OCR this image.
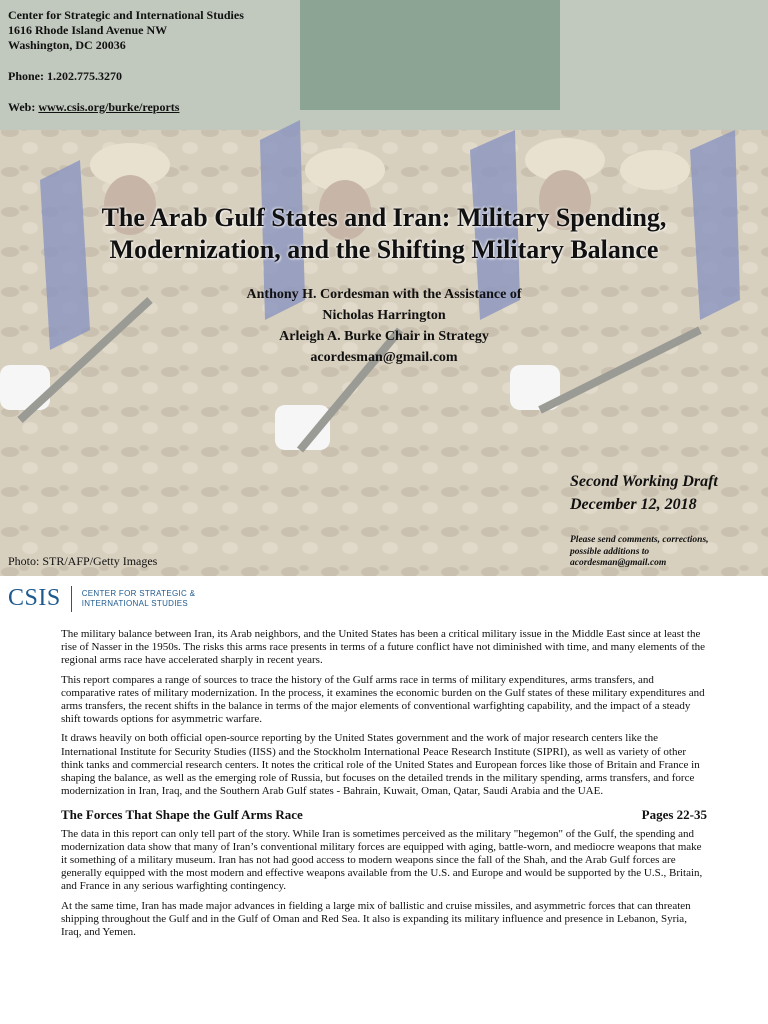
Center for Strategic and International Studies
1616 Rhode Island Avenue NW
Washington, DC 20036
Phone: 1.202.775.3270
Web: www.csis.org/burke/reports
The Arab Gulf States and Iran: Military Spending,
Modernization, and the Shifting Military Balance
Anthony H. Cordesman with the Assistance of
Nicholas Harrington
Arleigh A. Burke Chair in Strategy
acordesman@gmail.com
Second Working Draft
December 12, 2018
Please send comments, corrections,
possible additions to
acordesman@gmail.com
Photo: STR/AFP/Getty Images
CSIS	CENTER FOR STRATEGIC &
INTERNATIONAL STUDIES

The military balance between Iran, its Arab neighbors, and the United States has been a critical military issue in the Middle East since at least the rise of Nasser in the 1950s. The risks this arms race presents in terms of a future conflict have not diminished with time, and many elements of the regional arms race have accelerated sharply in recent years.

This report compares a range of sources to trace the history of the Gulf arms race in terms of military expenditures, arms transfers, and comparative rates of military modernization. In the process, it examines the economic burden on the Gulf states of these military expenditures and arms transfers, the recent shifts in the balance in terms of the major elements of conventional warfighting capability, and the impact of a steady shift towards options for asymmetric warfare.

It draws heavily on both official open-source reporting by the United States government and the work of major research centers like the International Institute for Security Studies (IISS) and the Stockholm International Peace Research Institute (SIPRI), as well as variety of other think tanks and commercial research centers. It notes the critical role of the United States and European forces like those of Britain and France in shaping the balance, as well as the emerging role of Russia, but focuses on the detailed trends in the military spending, arms transfers, and force modernization in Iran, Iraq, and the Southern Arab Gulf states - Bahrain, Kuwait, Oman, Qatar, Saudi Arabia and the UAE.

The Forces That Shape the Gulf Arms Race	Pages 22-35

The data in this report can only tell part of the story. While Iran is sometimes perceived as the military "hegemon" of the Gulf, the spending and modernization data show that many of Iran’s conventional military forces are equipped with aging, battle-worn, and mediocre weapons that make it something of a military museum. Iran has not had good access to modern weapons since the fall of the Shah, and the Arab Gulf forces are generally equipped with the most modern and effective weapons available from the U.S. and Europe and would be supported by the U.S., Britain, and France in any serious warfighting contingency.

At the same time, Iran has made major advances in fielding a large mix of ballistic and cruise missiles, and asymmetric forces that can threaten shipping throughout the Gulf and in the Gulf of Oman and Red Sea. It also is expanding its military influence and presence in Lebanon, Syria, Iraq, and Yemen.
